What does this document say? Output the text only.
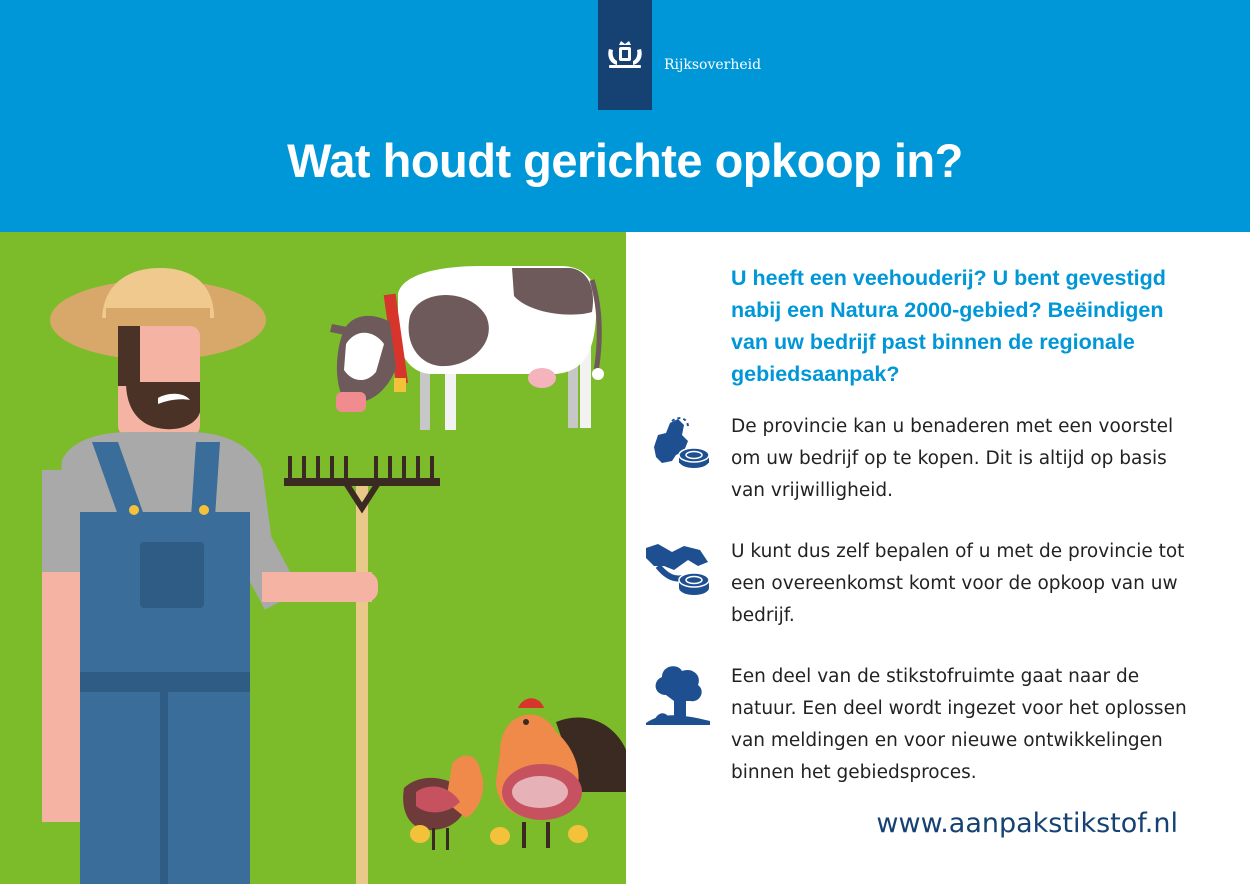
Rijksoverheid
Wat houdt gerichte opkoop in?

U heeft een veehouderij? U bent gevestigd nabij een Natura 2000-gebied? Beëindigen van uw bedrijf past binnen de regionale gebiedsaanpak?

De provincie kan u benaderen met een voorstel om uw bedrijf op te kopen. Dit is altijd op basis van vrijwilligheid.

U kunt dus zelf bepalen of u met de provincie tot een overeenkomst komt voor de opkoop van uw bedrijf.

Een deel van de stikstofruimte gaat naar de natuur. Een deel wordt ingezet voor het oplossen van meldingen en voor nieuwe ontwikkelingen binnen het gebiedsproces.

www.aanpakstikstof.nl
